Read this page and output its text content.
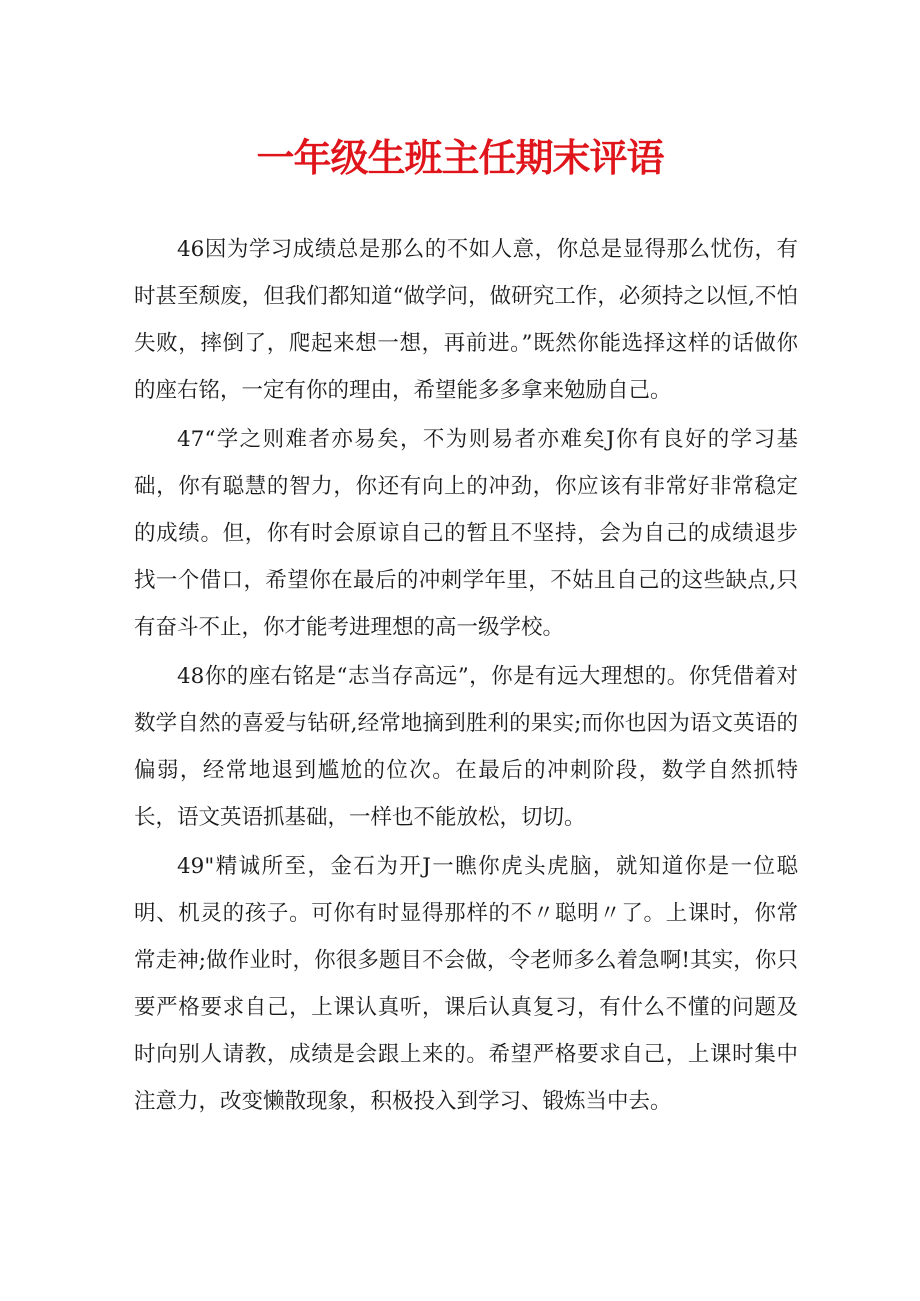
一年级生班主任期末评语

46因为学习成绩总是那么的不如人意，你总是显得那么忧伤，有时甚至颓废，但我们都知道“做学问，做研究工作，必须持之以恒,不怕失败，摔倒了，爬起来想一想，再前进。”既然你能选择这样的话做你的座右铭，一定有你的理由，希望能多多拿来勉励自己。

47“学之则难者亦易矣，不为则易者亦难矣J你有良好的学习基础，你有聪慧的智力，你还有向上的冲劲，你应该有非常好非常稳定的成绩。但，你有时会原谅自己的暂且不坚持，会为自己的成绩退步找一个借口，希望你在最后的冲刺学年里，不姑且自己的这些缺点,只有奋斗不止，你才能考进理想的高一级学校。

48你的座右铭是“志当存高远”，你是有远大理想的。你凭借着对数学自然的喜爱与钻研,经常地摘到胜利的果实;而你也因为语文英语的偏弱，经常地退到尴尬的位次。在最后的冲刺阶段，数学自然抓特长，语文英语抓基础，一样也不能放松，切切。

49"精诚所至，金石为开J一瞧你虎头虎脑，就知道你是一位聪明、机灵的孩子。可你有时显得那样的不〃聪明〃了。上课时，你常常走神;做作业时，你很多题目不会做，令老师多么着急啊!其实，你只要严格要求自己，上课认真听，课后认真复习，有什么不懂的问题及时向别人请教，成绩是会跟上来的。希望严格要求自己，上课时集中注意力，改变懒散现象，积极投入到学习、锻炼当中去。
